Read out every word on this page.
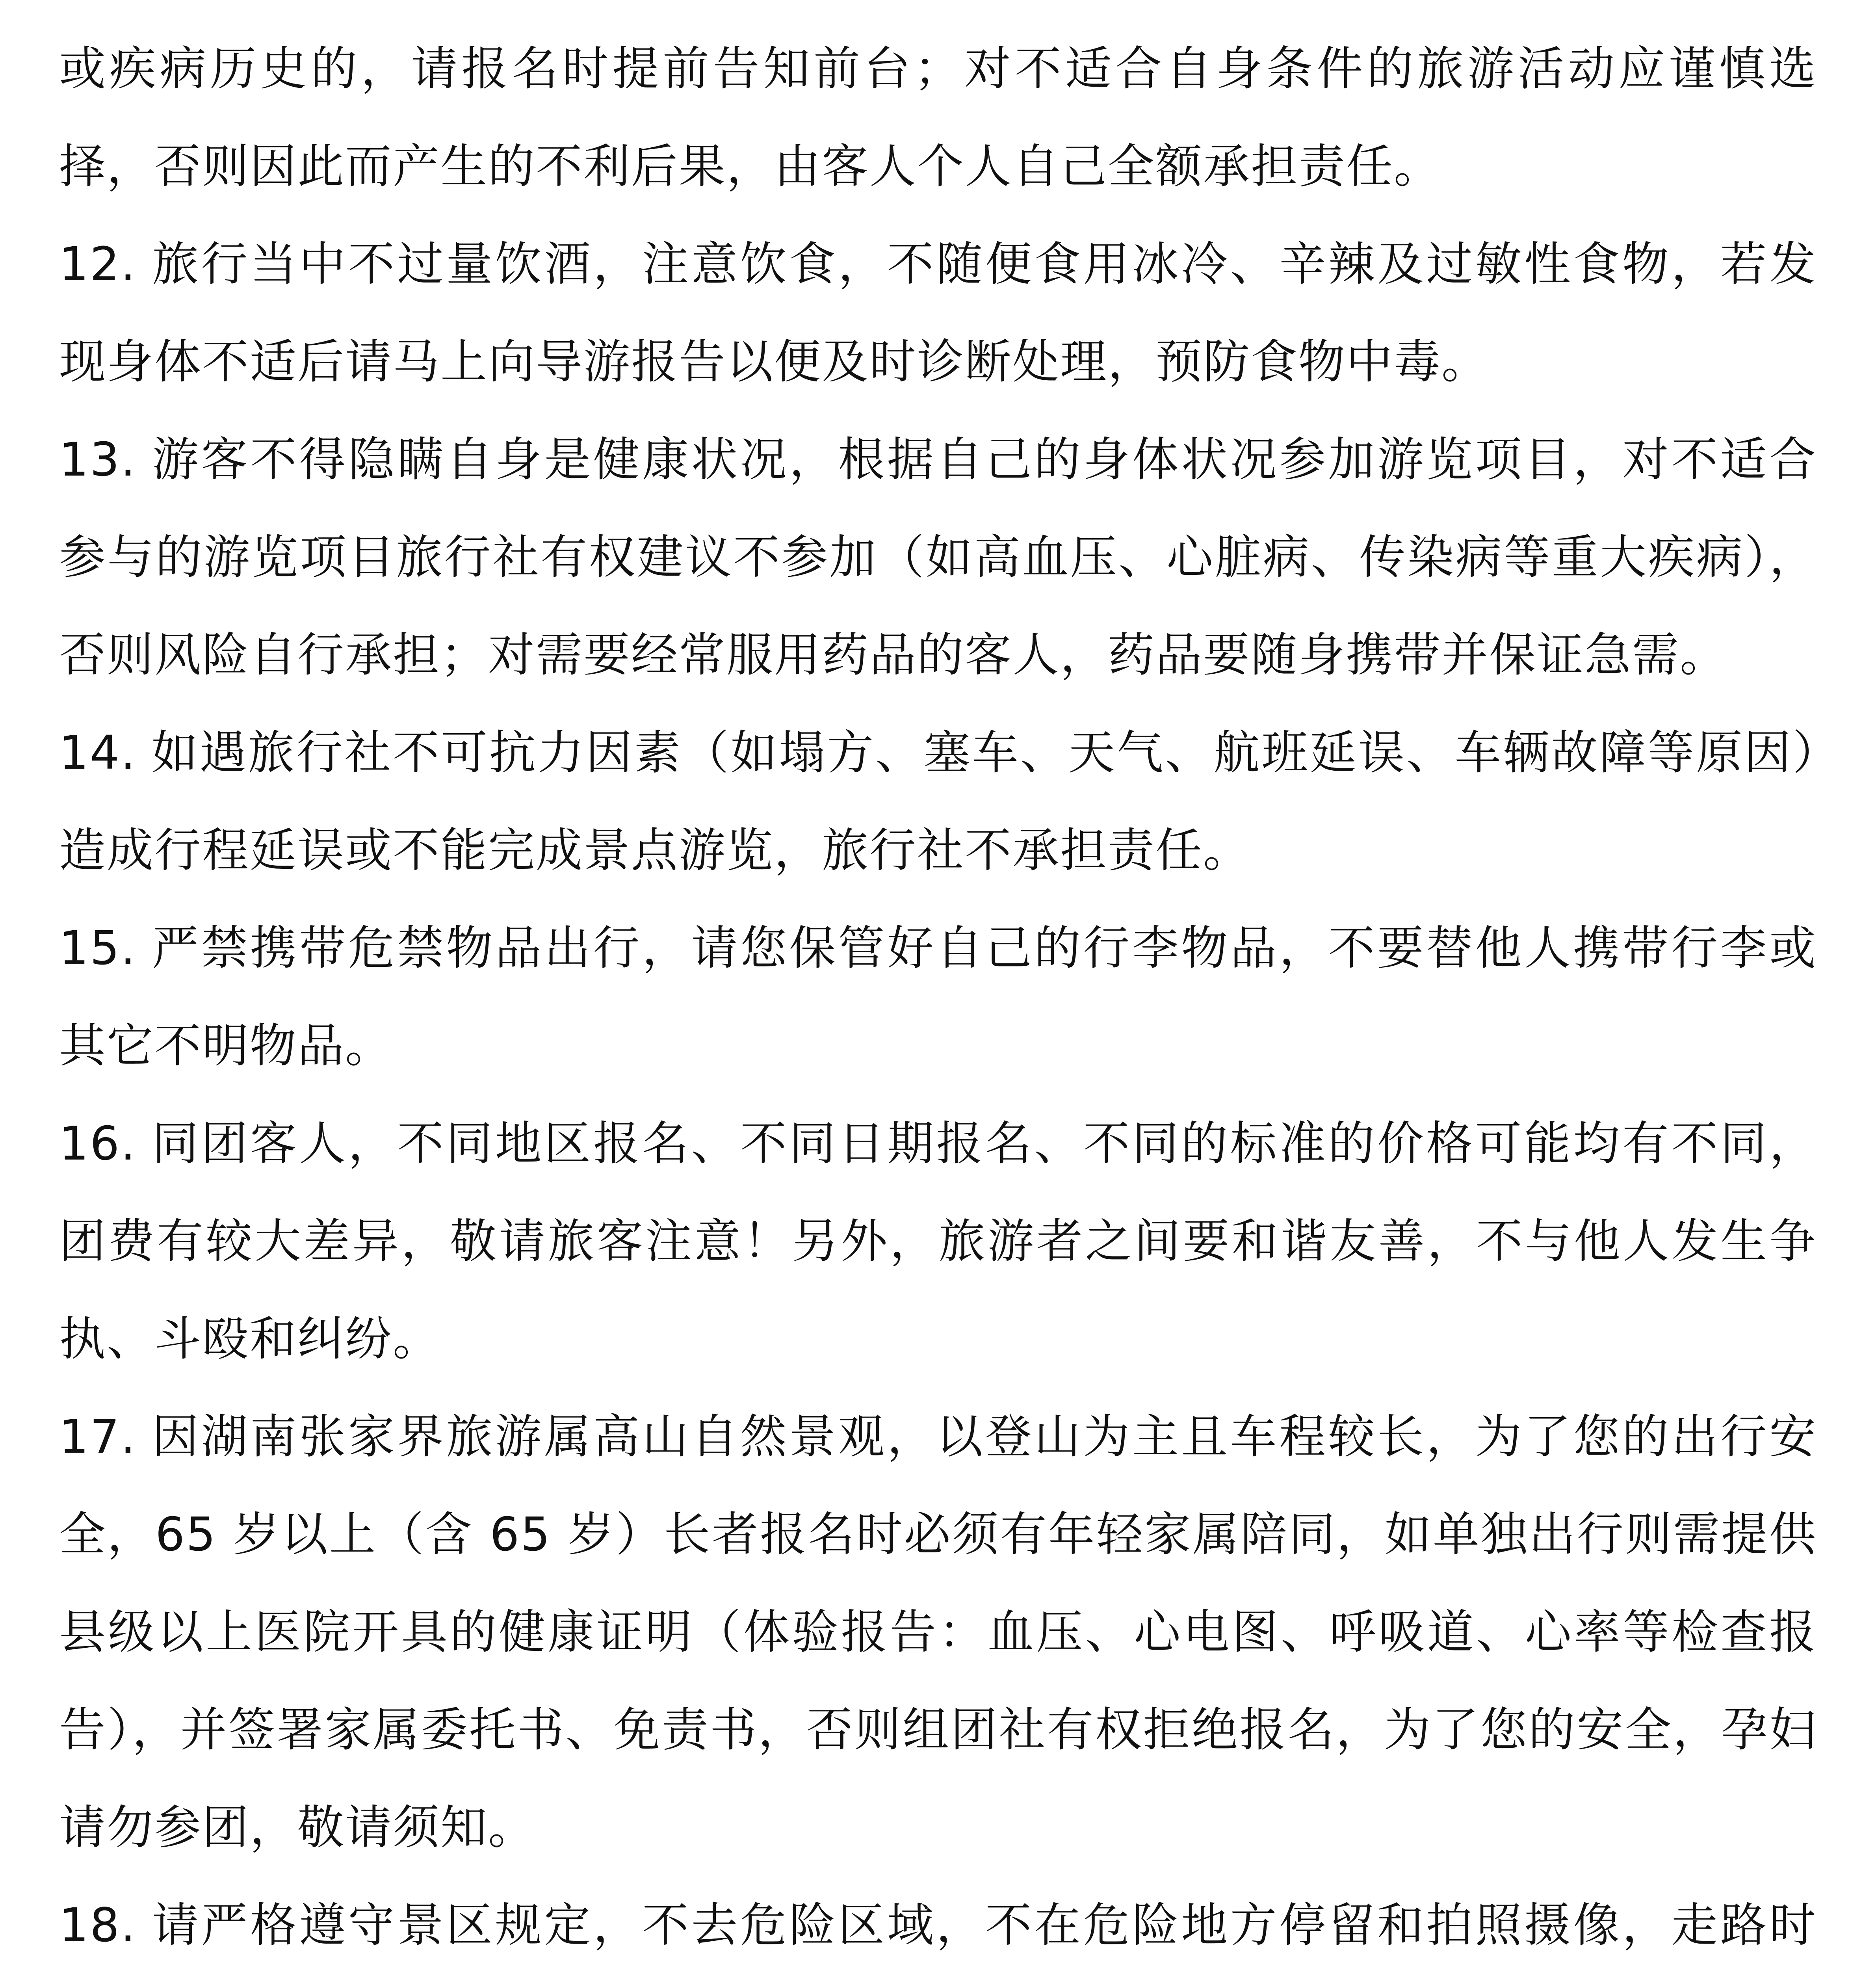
或疾病历史的，请报名时提前告知前台；对不适合自身条件的旅游活动应谨慎选择，否则因此而产生的不利后果，由客人个人自己全额承担责任。

12. 旅行当中不过量饮酒，注意饮食，不随便食用冰冷、辛辣及过敏性食物，若发现身体不适后请马上向导游报告以便及时诊断处理，预防食物中毒。

13. 游客不得隐瞒自身是健康状况，根据自己的身体状况参加游览项目，对不适合参与的游览项目旅行社有权建议不参加（如高血压、心脏病、传染病等重大疾病），否则风险自行承担；对需要经常服用药品的客人，药品要随身携带并保证急需。

14. 如遇旅行社不可抗力因素（如塌方、塞车、天气、航班延误、车辆故障等原因）造成行程延误或不能完成景点游览，旅行社不承担责任。

15. 严禁携带危禁物品出行，请您保管好自己的行李物品，不要替他人携带行李或其它不明物品。

16. 同团客人，不同地区报名、不同日期报名、不同的标准的价格可能均有不同，团费有较大差异，敬请旅客注意！另外，旅游者之间要和谐友善，不与他人发生争执、斗殴和纠纷。

17. 因湖南张家界旅游属高山自然景观，以登山为主且车程较长，为了您的出行安全，65 岁以上（含 65 岁）长者报名时必须有年轻家属陪同，如单独出行则需提供县级以上医院开具的健康证明（体验报告：血压、心电图、呼吸道、心率等检查报告），并签署家属委托书、免责书，否则组团社有权拒绝报名，为了您的安全，孕妇请勿参团，敬请须知。

18. 请严格遵守景区规定，不去危险区域，不在危险地方停留和拍照摄像，走路时
